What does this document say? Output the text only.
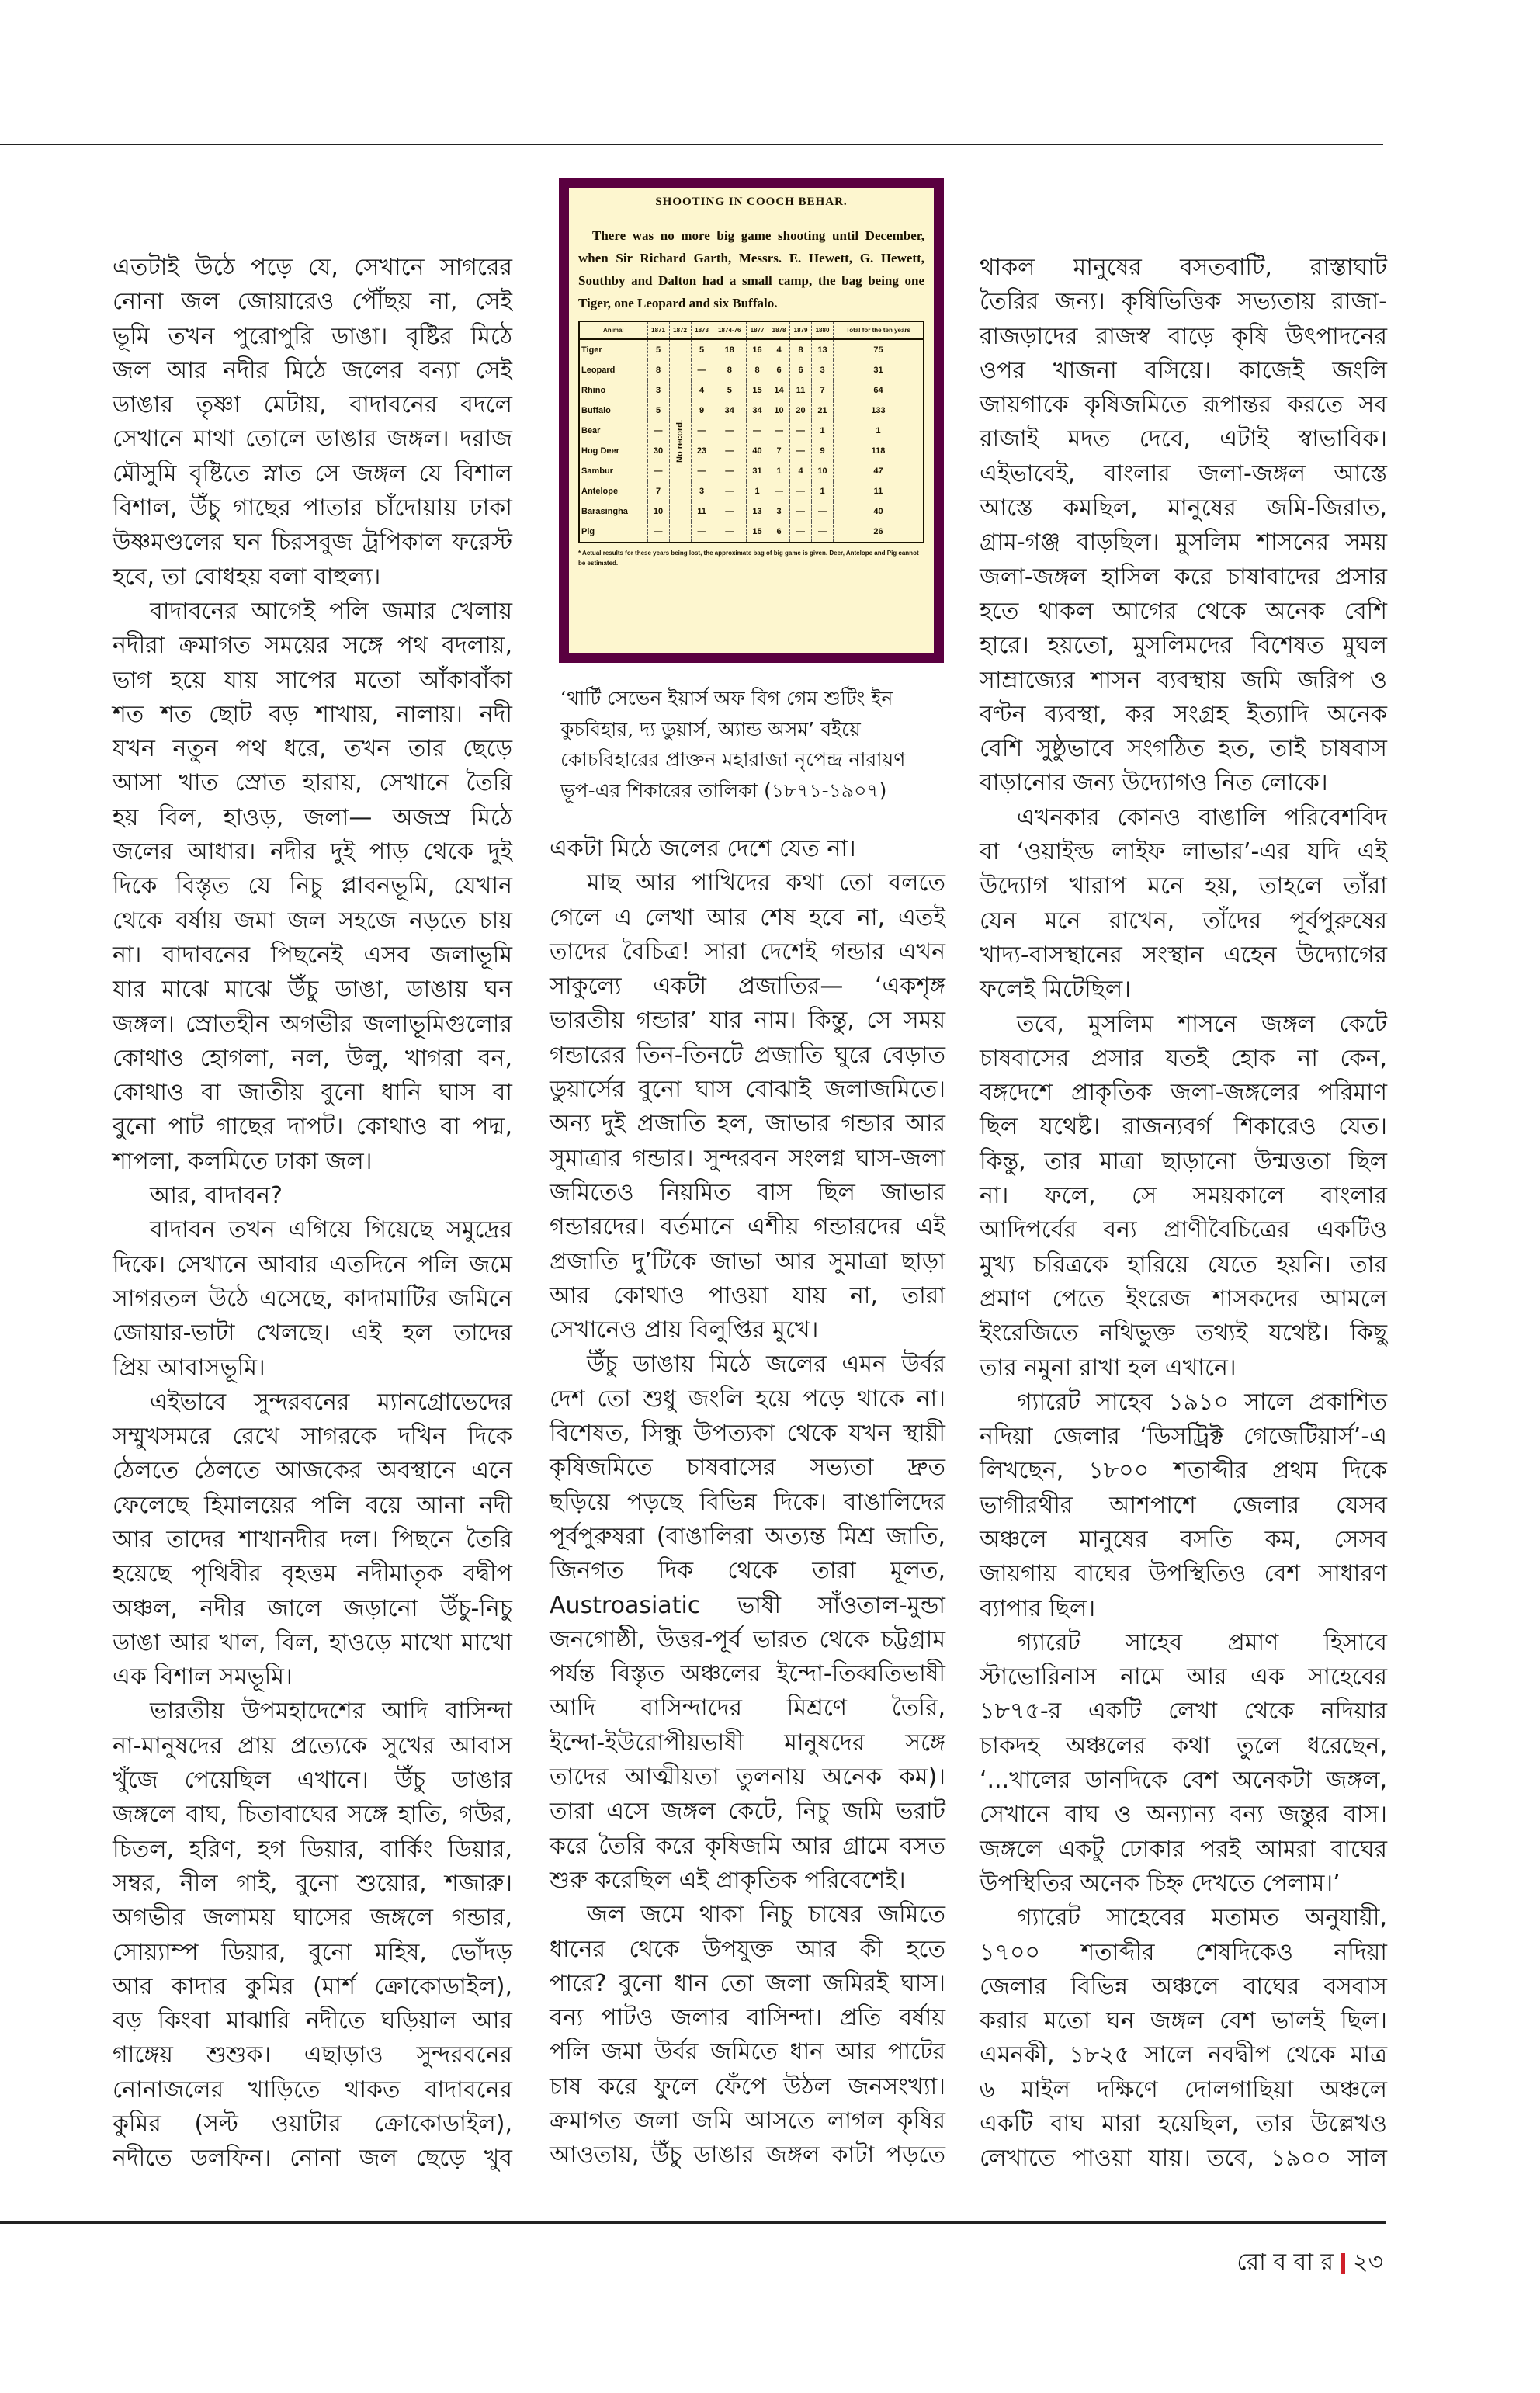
SHOOTING IN COOCH BEHAR.
There was no more big game shooting until December, when Sir Richard Garth, Messrs. E. Hewett, G. Hewett, Southby and Dalton had a small camp, the bag being one Tiger, one Leopard and six Buffalo.
Animal	1871	1872	1873	1874-76	1877	1878	1879	1880	Total for the ten years
Tiger	5	No record.	5	18	16	4	8	13	75
Leopard	8		—	8	8	6	6	3	31
Rhino	3		4	5	15	14	11	7	64
Buffalo	5		9	34	34	10	20	21	133
Bear	—		—	—	—	—	—	1	1
Hog Deer	30		23	—	40	7	—	9	118
Sambur	—		—	—	31	1	4	10	47
Antelope	7		3	—	1	—	—	1	11
Barasingha	10		11	—	13	3	—	—	40
Pig	—		—	—	15	6	—	—	26
* Actual results for these years being lost, the approximate bag of big game is given. Deer, Antelope and Pig cannot be estimated.
‘থার্টি সেভেন ইয়ার্স অফ বিগ গেম শুটিং ইন
কুচবিহার, দ্য ডুয়ার্স, অ্যান্ড অসম’ বইয়ে
কোচবিহারের প্রাক্তন মহারাজা নৃপেন্দ্র নারায়ণ
ভূপ-এর শিকারের তালিকা (১৮৭১-১৯০৭)
এতটাই উঠে পড়ে যে, সেখানে সাগরের
নোনা জল জোয়ারেও পৌঁছয় না, সেই
ভূমি তখন পুরোপুরি ডাঙা। বৃষ্টির মিঠে
জল আর নদীর মিঠে জলের বন্যা সেই
ডাঙার তৃষ্ণা মেটায়, বাদাবনের বদলে
সেখানে মাথা তোলে ডাঙার জঙ্গল। দরাজ
মৌসুমি বৃষ্টিতে স্নাত সে জঙ্গল যে বিশাল
বিশাল, উঁচু গাছের পাতার চাঁদোয়ায় ঢাকা
উষ্ণমণ্ডলের ঘন চিরসবুজ ট্রপিকাল ফরেস্ট
হবে, তা বোধহয় বলা বাহুল্য।
বাদাবনের আগেই পলি জমার খেলায়
নদীরা ক্রমাগত সময়ের সঙ্গে পথ বদলায়,
ভাগ হয়ে যায় সাপের মতো আঁকাবাঁকা
শত শত ছোট বড় শাখায়, নালায়। নদী
যখন নতুন পথ ধরে, তখন তার ছেড়ে
আসা খাত স্রোত হারায়, সেখানে তৈরি
হয় বিল, হাওড়, জলা— অজস্র মিঠে
জলের আধার। নদীর দুই পাড় থেকে দুই
দিকে বিস্তৃত যে নিচু প্লাবনভূমি, যেখান
থেকে বর্ষায় জমা জল সহজে নড়তে চায়
না। বাদাবনের পিছনেই এসব জলাভূমি
যার মাঝে মাঝে উঁচু ডাঙা, ডাঙায় ঘন
জঙ্গল। স্রোতহীন অগভীর জলাভূমিগুলোর
কোথাও হোগলা, নল, উলু, খাগরা বন,
কোথাও বা জাতীয় বুনো ধানি ঘাস বা
বুনো পাট গাছের দাপট। কোথাও বা পদ্ম,
শাপলা, কলমিতে ঢাকা জল।
আর, বাদাবন?
বাদাবন তখন এগিয়ে গিয়েছে সমুদ্রের
দিকে। সেখানে আবার এতদিনে পলি জমে
সাগরতল উঠে এসেছে, কাদামাটির জমিনে
জোয়ার-ভাটা খেলছে। এই হল তাদের
প্রিয় আবাসভূমি।
এইভাবে সুন্দরবনের ম্যানগ্রোভেদের
সম্মুখসমরে রেখে সাগরকে দখিন দিকে
ঠেলতে ঠেলতে আজকের অবস্থানে এনে
ফেলেছে হিমালয়ের পলি বয়ে আনা নদী
আর তাদের শাখানদীর দল। পিছনে তৈরি
হয়েছে পৃথিবীর বৃহত্তম নদীমাতৃক বদ্বীপ
অঞ্চল, নদীর জালে জড়ানো উঁচু-নিচু
ডাঙা আর খাল, বিল, হাওড়ে মাখো মাখো
এক বিশাল সমভূমি।
ভারতীয় উপমহাদেশের আদি বাসিন্দা
না-মানুষদের প্রায় প্রত্যেকে সুখের আবাস
খুঁজে পেয়েছিল এখানে। উঁচু ডাঙার
জঙ্গলে বাঘ, চিতাবাঘের সঙ্গে হাতি, গউর,
চিতল, হরিণ, হগ ডিয়ার, বার্কিং ডিয়ার,
সম্বর, নীল গাই, বুনো শুয়োর, শজারু।
অগভীর জলাময় ঘাসের জঙ্গলে গন্ডার,
সোয়্যাম্প ডিয়ার, বুনো মহিষ, ভোঁদড়
আর কাদার কুমির (মার্শ ক্রোকোডাইল),
বড় কিংবা মাঝারি নদীতে ঘড়িয়াল আর
গাঙ্গেয় শুশুক। এছাড়াও সুন্দরবনের
নোনাজলের খাড়িতে থাকত বাদাবনের
কুমির (সল্ট ওয়াটার ক্রোকোডাইল),
নদীতে ডলফিন। নোনা জল ছেড়ে খুব
একটা মিঠে জলের দেশে যেত না।
মাছ আর পাখিদের কথা তো বলতে
গেলে এ লেখা আর শেষ হবে না, এতই
তাদের বৈচিত্র! সারা দেশেই গন্ডার এখন
সাকুল্যে একটা প্রজাতির— ‘একশৃঙ্গ
ভারতীয় গন্ডার’ যার নাম। কিন্তু, সে সময়
গন্ডারের তিন-তিনটে প্রজাতি ঘুরে বেড়াত
ডুয়ার্সের বুনো ঘাস বোঝাই জলাজমিতে।
অন্য দুই প্রজাতি হল, জাভার গন্ডার আর
সুমাত্রার গন্ডার। সুন্দরবন সংলগ্ন ঘাস-জলা
জমিতেও নিয়মিত বাস ছিল জাভার
গন্ডারদের। বর্তমানে এশীয় গন্ডারদের এই
প্রজাতি দু’টিকে জাভা আর সুমাত্রা ছাড়া
আর কোথাও পাওয়া যায় না, তারা
সেখানেও প্রায় বিলুপ্তির মুখে।
উঁচু ডাঙায় মিঠে জলের এমন উর্বর
দেশ তো শুধু জংলি হয়ে পড়ে থাকে না।
বিশেষত, সিন্ধু উপত্যকা থেকে যখন স্থায়ী
কৃষিজমিতে চাষবাসের সভ্যতা দ্রুত
ছড়িয়ে পড়ছে বিভিন্ন দিকে। বাঙালিদের
পূর্বপুরুষরা (বাঙালিরা অত্যন্ত মিশ্র জাতি,
জিনগত দিক থেকে তারা মূলত,
Austroasiatic ভাষী সাঁওতাল-মুন্ডা
জনগোষ্ঠী, উত্তর-পূর্ব ভারত থেকে চট্টগ্রাম
পর্যন্ত বিস্তৃত অঞ্চলের ইন্দো-তিব্বতিভাষী
আদি বাসিন্দাদের মিশ্রণে তৈরি,
ইন্দো-ইউরোপীয়ভাষী মানুষদের সঙ্গে
তাদের আত্মীয়তা তুলনায় অনেক কম)।
তারা এসে জঙ্গল কেটে, নিচু জমি ভরাট
করে তৈরি করে কৃষিজমি আর গ্রামে বসত
শুরু করেছিল এই প্রাকৃতিক পরিবেশেই।
জল জমে থাকা নিচু চাষের জমিতে
ধানের থেকে উপযুক্ত আর কী হতে
পারে? বুনো ধান তো জলা জমিরই ঘাস।
বন্য পাটও জলার বাসিন্দা। প্রতি বর্ষায়
পলি জমা উর্বর জমিতে ধান আর পাটের
চাষ করে ফুলে ফেঁপে উঠল জনসংখ্যা।
ক্রমাগত জলা জমি আসতে লাগল কৃষির
আওতায়, উঁচু ডাঙার জঙ্গল কাটা পড়তে
থাকল মানুষের বসতবাটি, রাস্তাঘাট
তৈরির জন্য। কৃষিভিত্তিক সভ্যতায় রাজা-
রাজড়াদের রাজস্ব বাড়ে কৃষি উৎপাদনের
ওপর খাজনা বসিয়ে। কাজেই জংলি
জায়গাকে কৃষিজমিতে রূপান্তর করতে সব
রাজাই মদত দেবে, এটাই স্বাভাবিক।
এইভাবেই, বাংলার জলা-জঙ্গল আস্তে
আস্তে কমছিল, মানুষের জমি-জিরাত,
গ্রাম-গঞ্জ বাড়ছিল। মুসলিম শাসনের সময়
জলা-জঙ্গল হাসিল করে চাষাবাদের প্রসার
হতে থাকল আগের থেকে অনেক বেশি
হারে। হয়তো, মুসলিমদের বিশেষত মুঘল
সাম্রাজ্যের শাসন ব্যবস্থায় জমি জরিপ ও
বণ্টন ব্যবস্থা, কর সংগ্রহ ইত্যাদি অনেক
বেশি সুষ্ঠুভাবে সংগঠিত হত, তাই চাষবাস
বাড়ানোর জন্য উদ্যোগও নিত লোকে।
এখনকার কোনও বাঙালি পরিবেশবিদ
বা ‘ওয়াইল্ড লাইফ লাভার’-এর যদি এই
উদ্যোগ খারাপ মনে হয়, তাহলে তাঁরা
যেন মনে রাখেন, তাঁদের পূর্বপুরুষের
খাদ্য-বাসস্থানের সংস্থান এহেন উদ্যোগের
ফলেই মিটেছিল।
তবে, মুসলিম শাসনে জঙ্গল কেটে
চাষবাসের প্রসার যতই হোক না কেন,
বঙ্গদেশে প্রাকৃতিক জলা-জঙ্গলের পরিমাণ
ছিল যথেষ্ট। রাজন্যবর্গ শিকারেও যেত।
কিন্তু, তার মাত্রা ছাড়ানো উন্মত্ততা ছিল
না। ফলে, সে সময়কালে বাংলার
আদিপর্বের বন্য প্রাণীবৈচিত্রের একটিও
মুখ্য চরিত্রকে হারিয়ে যেতে হয়নি। তার
প্রমাণ পেতে ইংরেজ শাসকদের আমলে
ইংরেজিতে নথিভুক্ত তথ্যই যথেষ্ট। কিছু
তার নমুনা রাখা হল এখানে।
গ্যারেট সাহেব ১৯১০ সালে প্রকাশিত
নদিয়া জেলার ‘ডিসট্রিক্ট গেজেটিয়ার্স’-এ
লিখছেন, ১৮০০ শতাব্দীর প্রথম দিকে
ভাগীরথীর আশপাশে জেলার যেসব
অঞ্চলে মানুষের বসতি কম, সেসব
জায়গায় বাঘের উপস্থিতিও বেশ সাধারণ
ব্যাপার ছিল।
গ্যারেট সাহেব প্রমাণ হিসাবে
স্টাভোরিনাস নামে আর এক সাহেবের
১৮৭৫-র একটি লেখা থেকে নদিয়ার
চাকদহ অঞ্চলের কথা তুলে ধরেছেন,
‘...খালের ডানদিকে বেশ অনেকটা জঙ্গল,
সেখানে বাঘ ও অন্যান্য বন্য জন্তুর বাস।
জঙ্গলে একটু ঢোকার পরই আমরা বাঘের
উপস্থিতির অনেক চিহ্ন দেখতে পেলাম।’
গ্যারেট সাহেবের মতামত অনুযায়ী,
১৭০০ শতাব্দীর শেষদিকেও নদিয়া
জেলার বিভিন্ন অঞ্চলে বাঘের বসবাস
করার মতো ঘন জঙ্গল বেশ ভালই ছিল।
এমনকী, ১৮২৫ সালে নবদ্বীপ থেকে মাত্র
৬ মাইল দক্ষিণে দোলগাছিয়া অঞ্চলে
একটি বাঘ মারা হয়েছিল, তার উল্লেখও
লেখাতে পাওয়া যায়। তবে, ১৯০০ সাল
রো ব বা র ২৩
